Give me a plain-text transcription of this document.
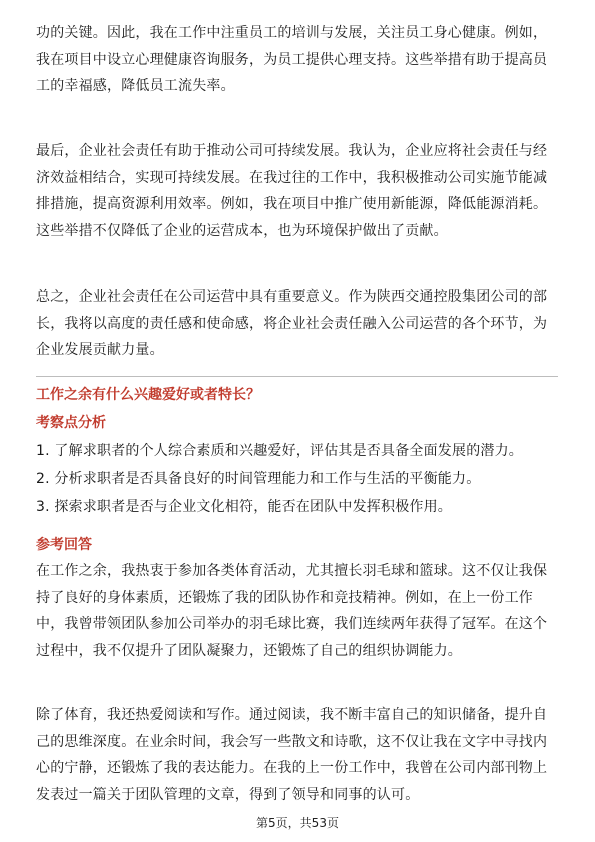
功的关键。因此，我在工作中注重员工的培训与发展，关注员工身心健康。例如，我在项目中设立心理健康咨询服务，为员工提供心理支持。这些举措有助于提高员工的幸福感，降低员工流失率。

最后，企业社会责任有助于推动公司可持续发展。我认为，企业应将社会责任与经济效益相结合，实现可持续发展。在我过往的工作中，我积极推动公司实施节能减排措施，提高资源利用效率。例如，我在项目中推广使用新能源，降低能源消耗。这些举措不仅降低了企业的运营成本，也为环境保护做出了贡献。

总之，企业社会责任在公司运营中具有重要意义。作为陕西交通控股集团公司的部长，我将以高度的责任感和使命感，将企业社会责任融入公司运营的各个环节，为企业发展贡献力量。

工作之余有什么兴趣爱好或者特长？

考察点分析

1. 了解求职者的个人综合素质和兴趣爱好，评估其是否具备全面发展的潜力。

2. 分析求职者是否具备良好的时间管理能力和工作与生活的平衡能力。

3. 探索求职者是否与企业文化相符，能否在团队中发挥积极作用。

参考回答

在工作之余，我热衷于参加各类体育活动，尤其擅长羽毛球和篮球。这不仅让我保持了良好的身体素质，还锻炼了我的团队协作和竞技精神。例如，在上一份工作中，我曾带领团队参加公司举办的羽毛球比赛，我们连续两年获得了冠军。在这个过程中，我不仅提升了团队凝聚力，还锻炼了自己的组织协调能力。

除了体育，我还热爱阅读和写作。通过阅读，我不断丰富自己的知识储备，提升自己的思维深度。在业余时间，我会写一些散文和诗歌，这不仅让我在文字中寻找内心的宁静，还锻炼了我的表达能力。在我的上一份工作中，我曾在公司内部刊物上发表过一篇关于团队管理的文章，得到了领导和同事的认可。

第5页，共53页
